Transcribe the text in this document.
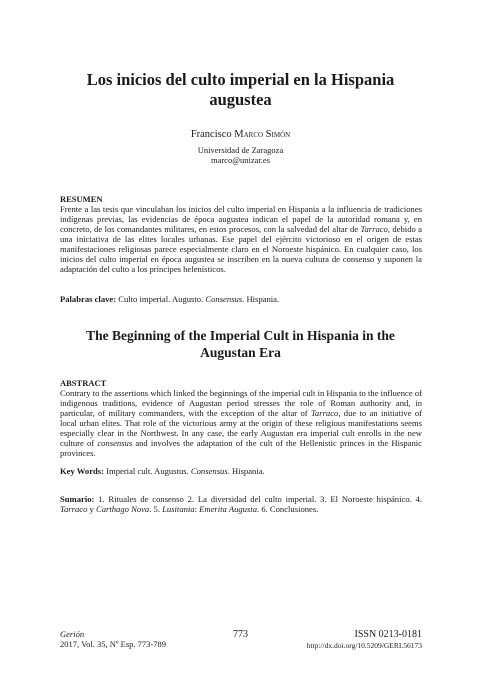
Los inicios del culto imperial en la Hispania augustea
Francisco Marco Simón
Universidad de Zaragoza
marco@unizar.es
RESUMEN
Frente a las tesis que vinculaban los inicios del culto imperial en Hispania a la influencia de tradiciones indígenas previas, las evidencias de época augustea indican el papel de la autoridad romana y, en concreto, de los comandantes militares, en estos procesos, con la salvedad del altar de Tarraco, debido a una iniciativa de las elites locales urbanas. Ese papel del ejército victorioso en el origen de estas manifestaciones religiosas parece especialmente claro en el Noroeste hispánico. En cualquier caso, los inicios del culto imperial en época augustea se inscriben en la nueva cultura de consenso y suponen la adaptación del culto a los príncipes helenísticos.
Palabras clave: Culto imperial. Augusto. Consensus. Hispania.
The Beginning of the Imperial Cult in Hispania in the Augustan Era
ABSTRACT
Contrary to the assertions which linked the beginnings of the imperial cult in Hispania to the influence of indigenous traditions, evidence of Augustan period stresses the role of Roman authority and, in particular, of military commanders, with the exception of the altar of Tarraco, due to an initiative of local urban elites. That role of the victorious army at the origin of these religious manifestations seems especially clear in the Northwest. In any case, the early Augustan era imperial cult enrolls in the new culture of consensus and involves the adaptation of the cult of the Hellenistic princes in the Hispanic provinces.
Key Words: Imperial cult. Augustus. Consensus. Hispania.
Sumario: 1. Rituales de consenso 2. La diversidad del culto imperial. 3. El Noroeste hispánico. 4. Tarraco y Carthago Nova. 5. Lusitania: Emerita Augusta. 6. Conclusiones.
Gerión
2017, Vol. 35, Nº Esp. 773-789
773	ISSN 0213-0181
http://dx.doi.org/10.5209/GERI.56173
